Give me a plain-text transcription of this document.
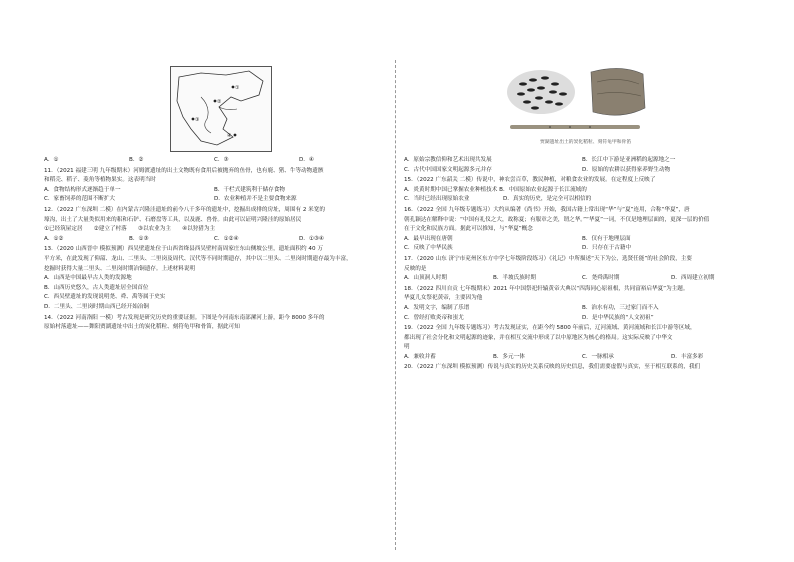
①
②
③
④
贾湖遗址出土的炭化稻粒、刻符龟甲和骨笛
A．①	B．②	C．③	D．④
11．（2021 福建三明 九年级期末）河姆渡遗址的出土文物既有食用后被抛弃的鱼骨，也有鹿、猪、牛等动物遗骸
和稻壳、稻子、菱角等植物果实。这表明当时
A．食物结构形式逐渐趋于单一	B．干栏式建筑利于储存食物
C．家畜饲养的范围不断扩大	D．农业种植并不是主要食物来源
12．（2022 广东深圳 二模）在内蒙古兴隆洼遗址的前今八千多年的遗址中，挖掘出成排的房址，周围有 2 米宽的
壕沟，出土了大量类似用来的耜和石铲、石磨盘等工具，以及鹿、兽骨。由此可以证明兴隆洼的原始居民
①已经筑屋定居　　②建立了村落　　③以农业为主　　④以狩猎为主
A．①②	B．①③	C．①②④	D．①③④
13．（2020 山西晋中 模拟预测）西吴壁遗址位于山西省绛县西吴壁村南周家庄东山侧坡公里，遗址面积约 40 万
平方米，在此发现了仰韶、龙山、二里头、二里岗及周代、汉代等不同时期遗存，其中以二里头、二里岗时期遗存最为丰富，
挖掘时获得大量二里头、二里岗时期冶铜遗存。上述材料说明
A．山西是中国最早古人类的发源地
B．山西历史悠久，古人类遗址居全国首位
C．西吴壁遗址的发现说明尧、舜、禹等属于史实
D．二里头、二里岗时期山西已经开始冶铜
14．（2022 河南洛阳 一模）考古发现是研究历史的重要证据。下图是今河南东南部漯河上游，距今 8000 多年的
原始村落遗址——舞阳贾湖遗址中出土的炭化稻粒、刻符龟甲和骨笛，据此可知
A．原始宗教信仰和艺术出现共发展	B．长江中下游是亚洲稻的起源地之一
C．古代中国国家文明起源多元并存	D．原始的农耕以获得家养野生动物
15．（2022 广东韶关 二模）传说中，神农尝百草，教民种植，对粮食农业的发展。在定程度上反映了
A．炎黄时期中国已掌握农业种植技术 B．中国原始农业起源于长江流域的
C．当时已经出现原始农业　　　　　　D．真实的历史，是完全可以相信的
16．（2022 全国 九年级专题练习）大约从编著《尚书》开始，我国古籍上常出现“华”与“夏”连用，合称“华夏”，唐
朝孔颖达在解释中说：“中国有礼仪之大，故称夏；有服章之美，谓之华。”“华夏”一词，不仅是地理层面的，更深一层的价值
在于文化和民族方面。据此可以推知，与“华夏”概念
A．最早出现在唐朝	B．仅有于地理层面
C．反映了中华民族	D．只存在于古籍中
17．（2020 山东 济宁市兖州区东方中学七年级阶段练习）《礼记》中所描述“天下为公，选贤任能”的社会阶段，主要
反映的是
A．山顶洞人时期	B．半坡氏族时期	C．尧舜禹时期	D．西周建立初期
18．（2022 四川自贡 七年级期末）2021 年中国祭祀轩辕黄帝大典以“四海同心原祖根，共同富裕启华夏”为主题。
华夏儿女祭祀黄帝，主要因为他
A．发明文字，编制了乐谱	B．治水有功，三过家门而不入
C．曾经打败炎帝和蚩尤	D．是中华民族的“人文初祖”
19．（2022 全国 九年级专题练习）考古发现证实，在距今约 5800 年前后，辽河流域、黄河流域和长江中游等区域，
都出现了社会分化和文明起源的迹象，并在相互交流中形成了以中原地区为核心的格局。这实际反映了中华文
明
A．兼收并蓄	B．多元一体	C．一脉相承	D．丰富多彩
20．（2022 广东深圳 模拟预测）传说与真实的历史关系反映的历史信息，我们需要虚假与真实，至于相互联系的，我们
